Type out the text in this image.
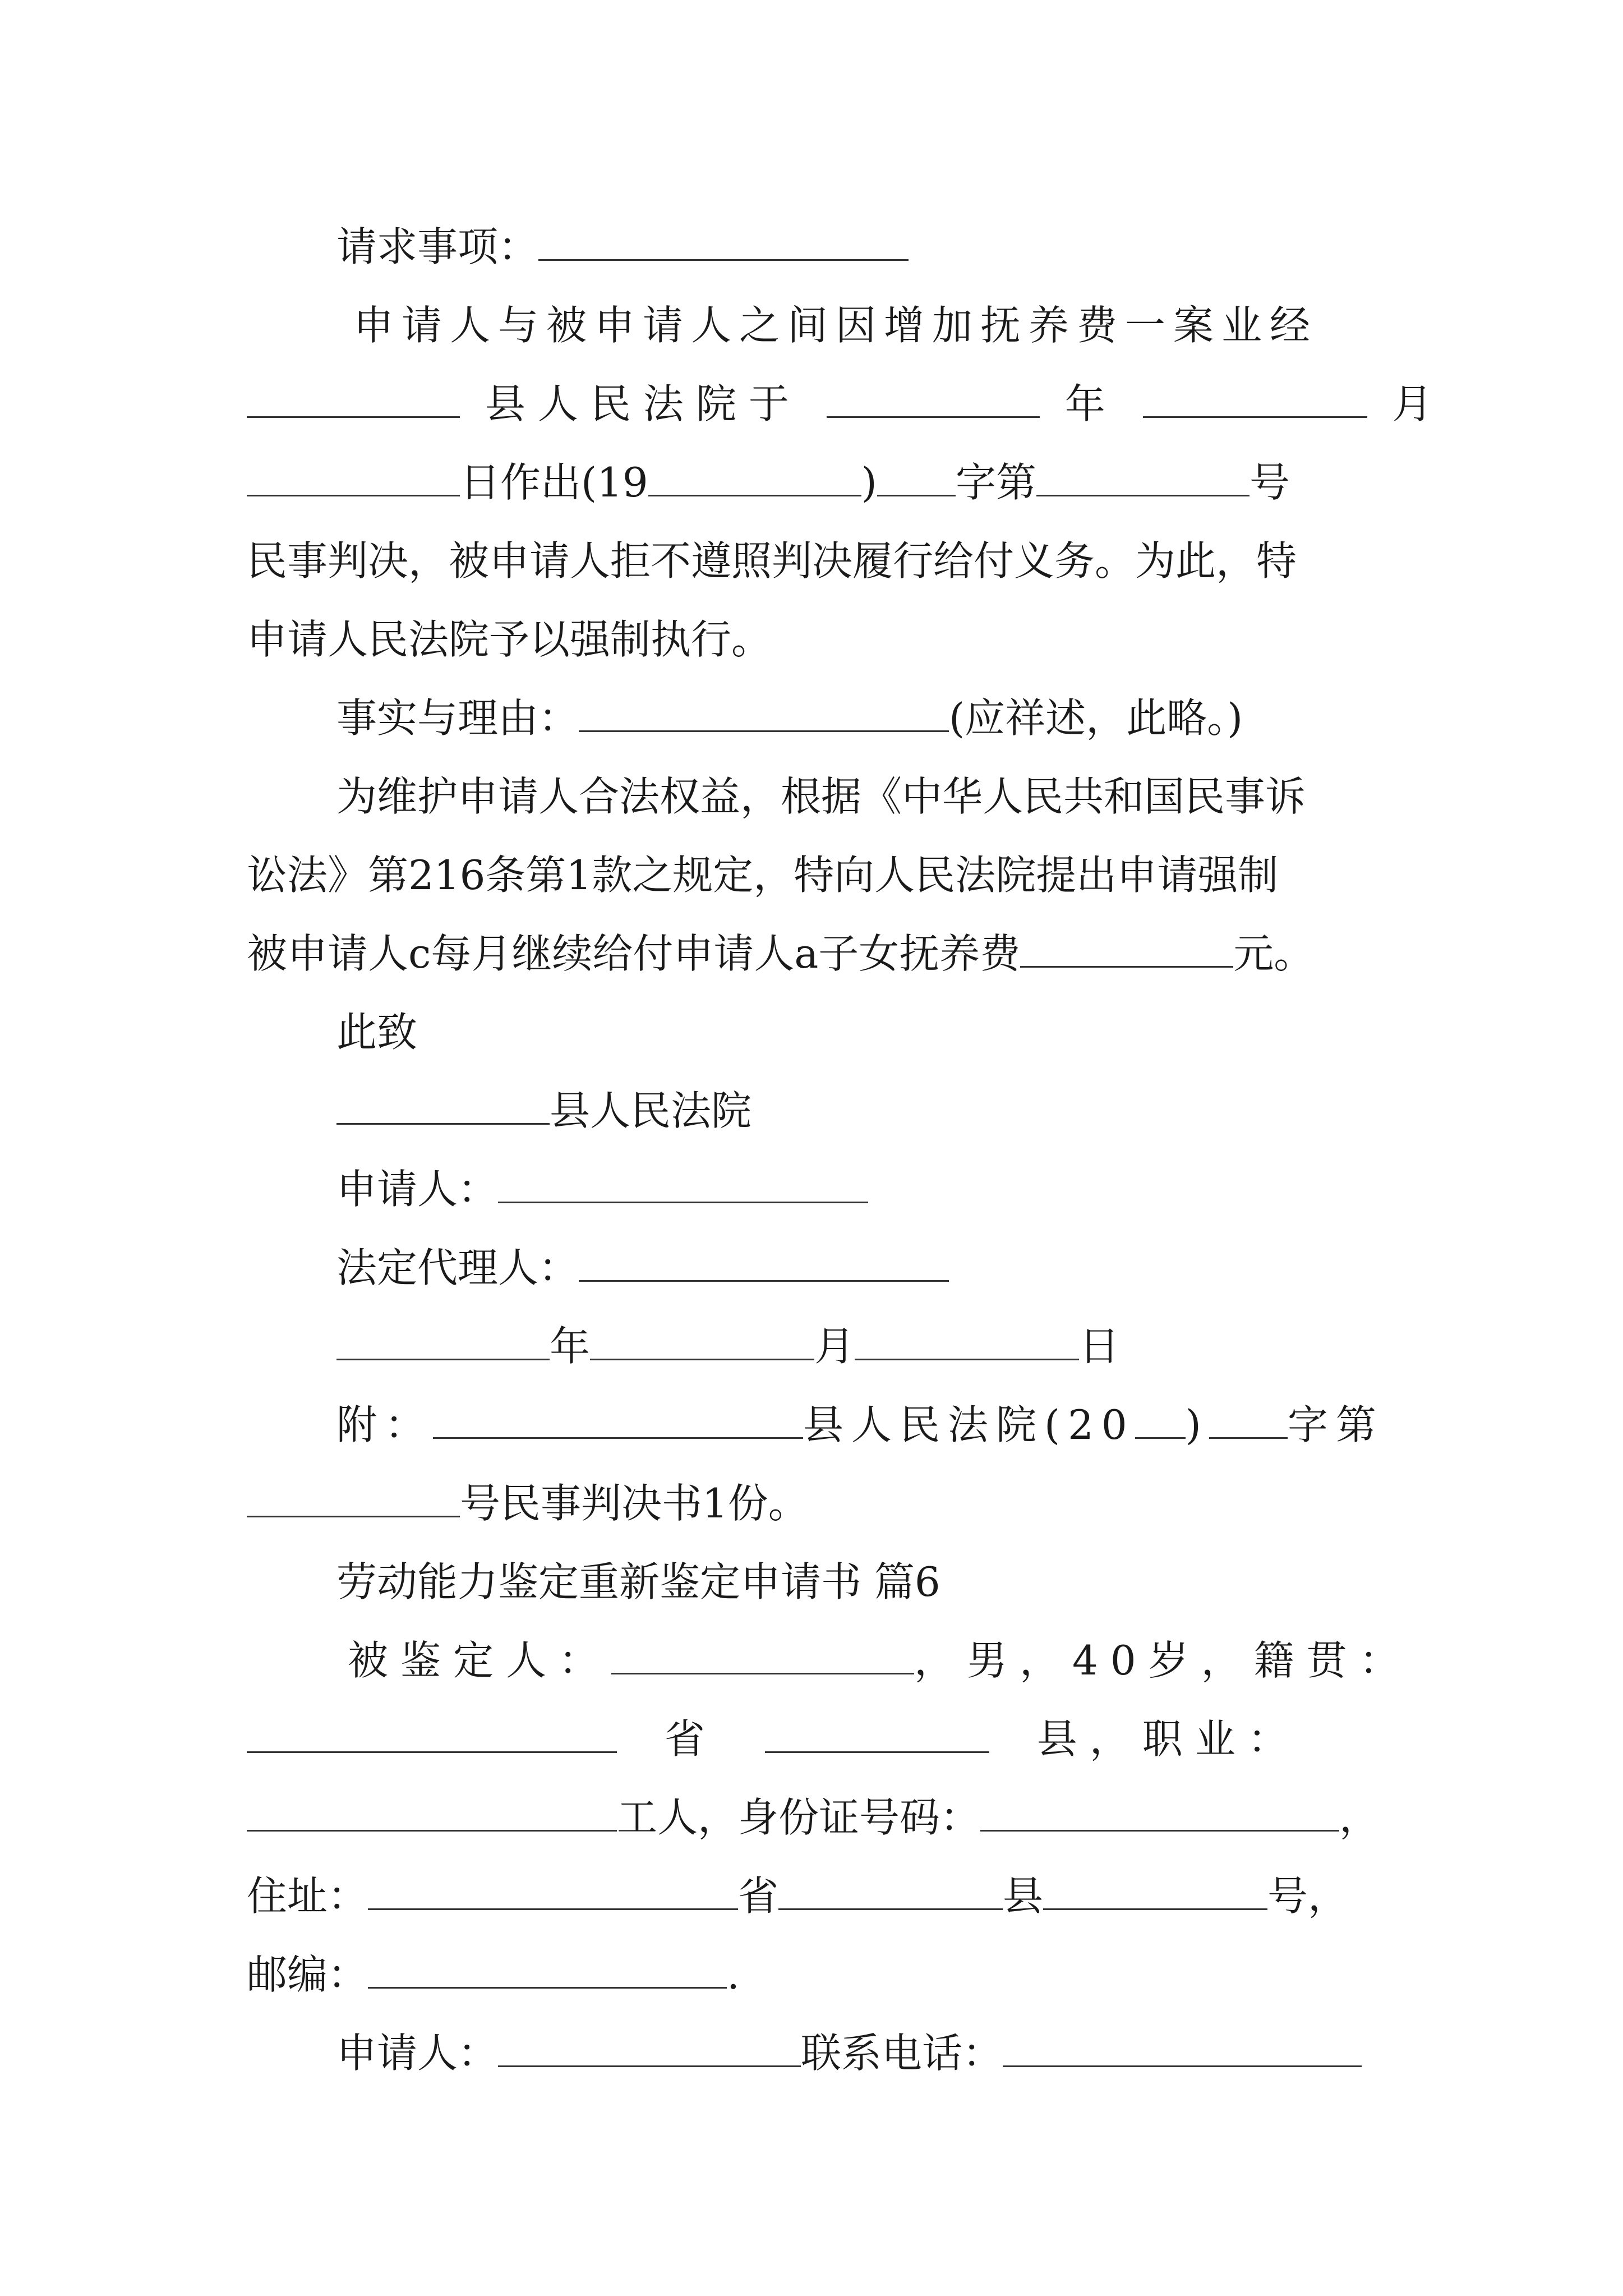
请求事项：
申请人与被申请人之间因增加抚养费一案业经
县人民法院于	年	月
日作出(19	) 字第	号
民事判决，被申请人拒不遵照判决履行给付义务。为此，特
申请人民法院予以强制执行。
事实与理由：	(应祥述，此略。)
为维护申请人合法权益，根据《中华人民共和国民事诉
讼法》第216条第1款之规定，特向人民法院提出申请强制
被申请人c每月继续给付申请人a子女抚养费	元。
此致
县人民法院
申请人：
法定代理人：
年	月	日
附：	县人民法院(20 ) 字第
号民事判决书1份。
劳动能力鉴定重新鉴定申请书 篇6
被鉴定人：	，男，40岁，籍贯：
省	县，职业：
工人，身份证号码：	，
住址：	省	县	号，
邮编：	.
申请人：	联系电话：
